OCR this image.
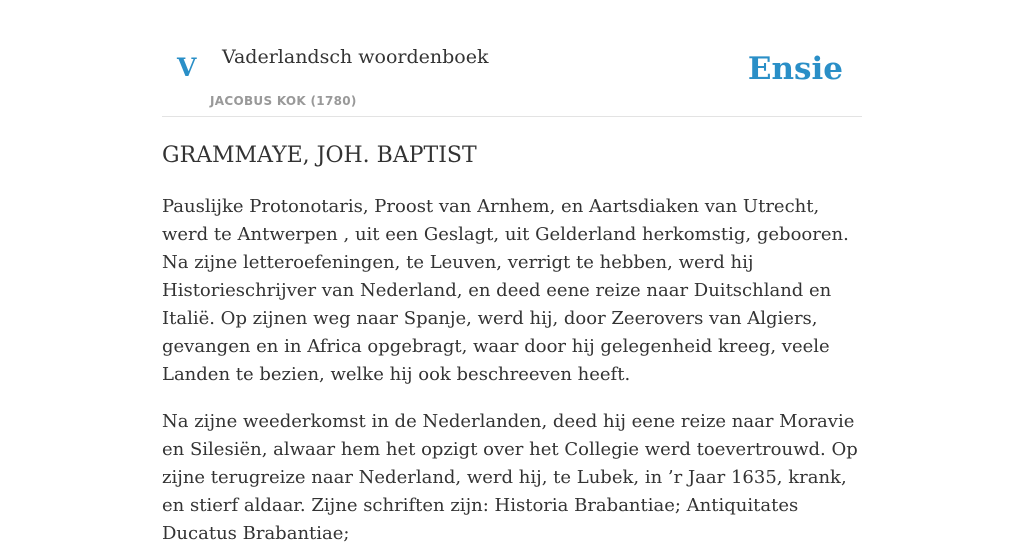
V Vaderlandsch woordenboek
JACOBUS KOK (1780)
Ensie
GRAMMAYE, JOH. BAPTIST

Pauslijke Protonotaris, Proost van Arnhem, en Aartsdiaken van Utrecht, werd te Antwerpen , uit een Geslagt, uit Gelderland herkomstig, gebooren. Na zijne letteroefeningen, te Leuven, verrigt te hebben, werd hij Historieschrijver van Nederland, en deed eene reize naar Duitschland en Italië. Op zijnen weg naar Spanje, werd hij, door Zeerovers van Algiers, gevangen en in Africa opgebragt, waar door hij gelegenheid kreeg, veele Landen te bezien, welke hij ook beschreeven heeft.

Na zijne weederkomst in de Nederlanden, deed hij eene reize naar Moravie en Silesiën, alwaar hem het opzigt over het Collegie werd toevertrouwd. Op zijne terugreize naar Nederland, werd hij, te Lubek, in ’r Jaar 1635, krank, en stierf aldaar. Zijne schriften zijn: Historia Brabantiae; Antiquitates Ducatus Brabantiae;
